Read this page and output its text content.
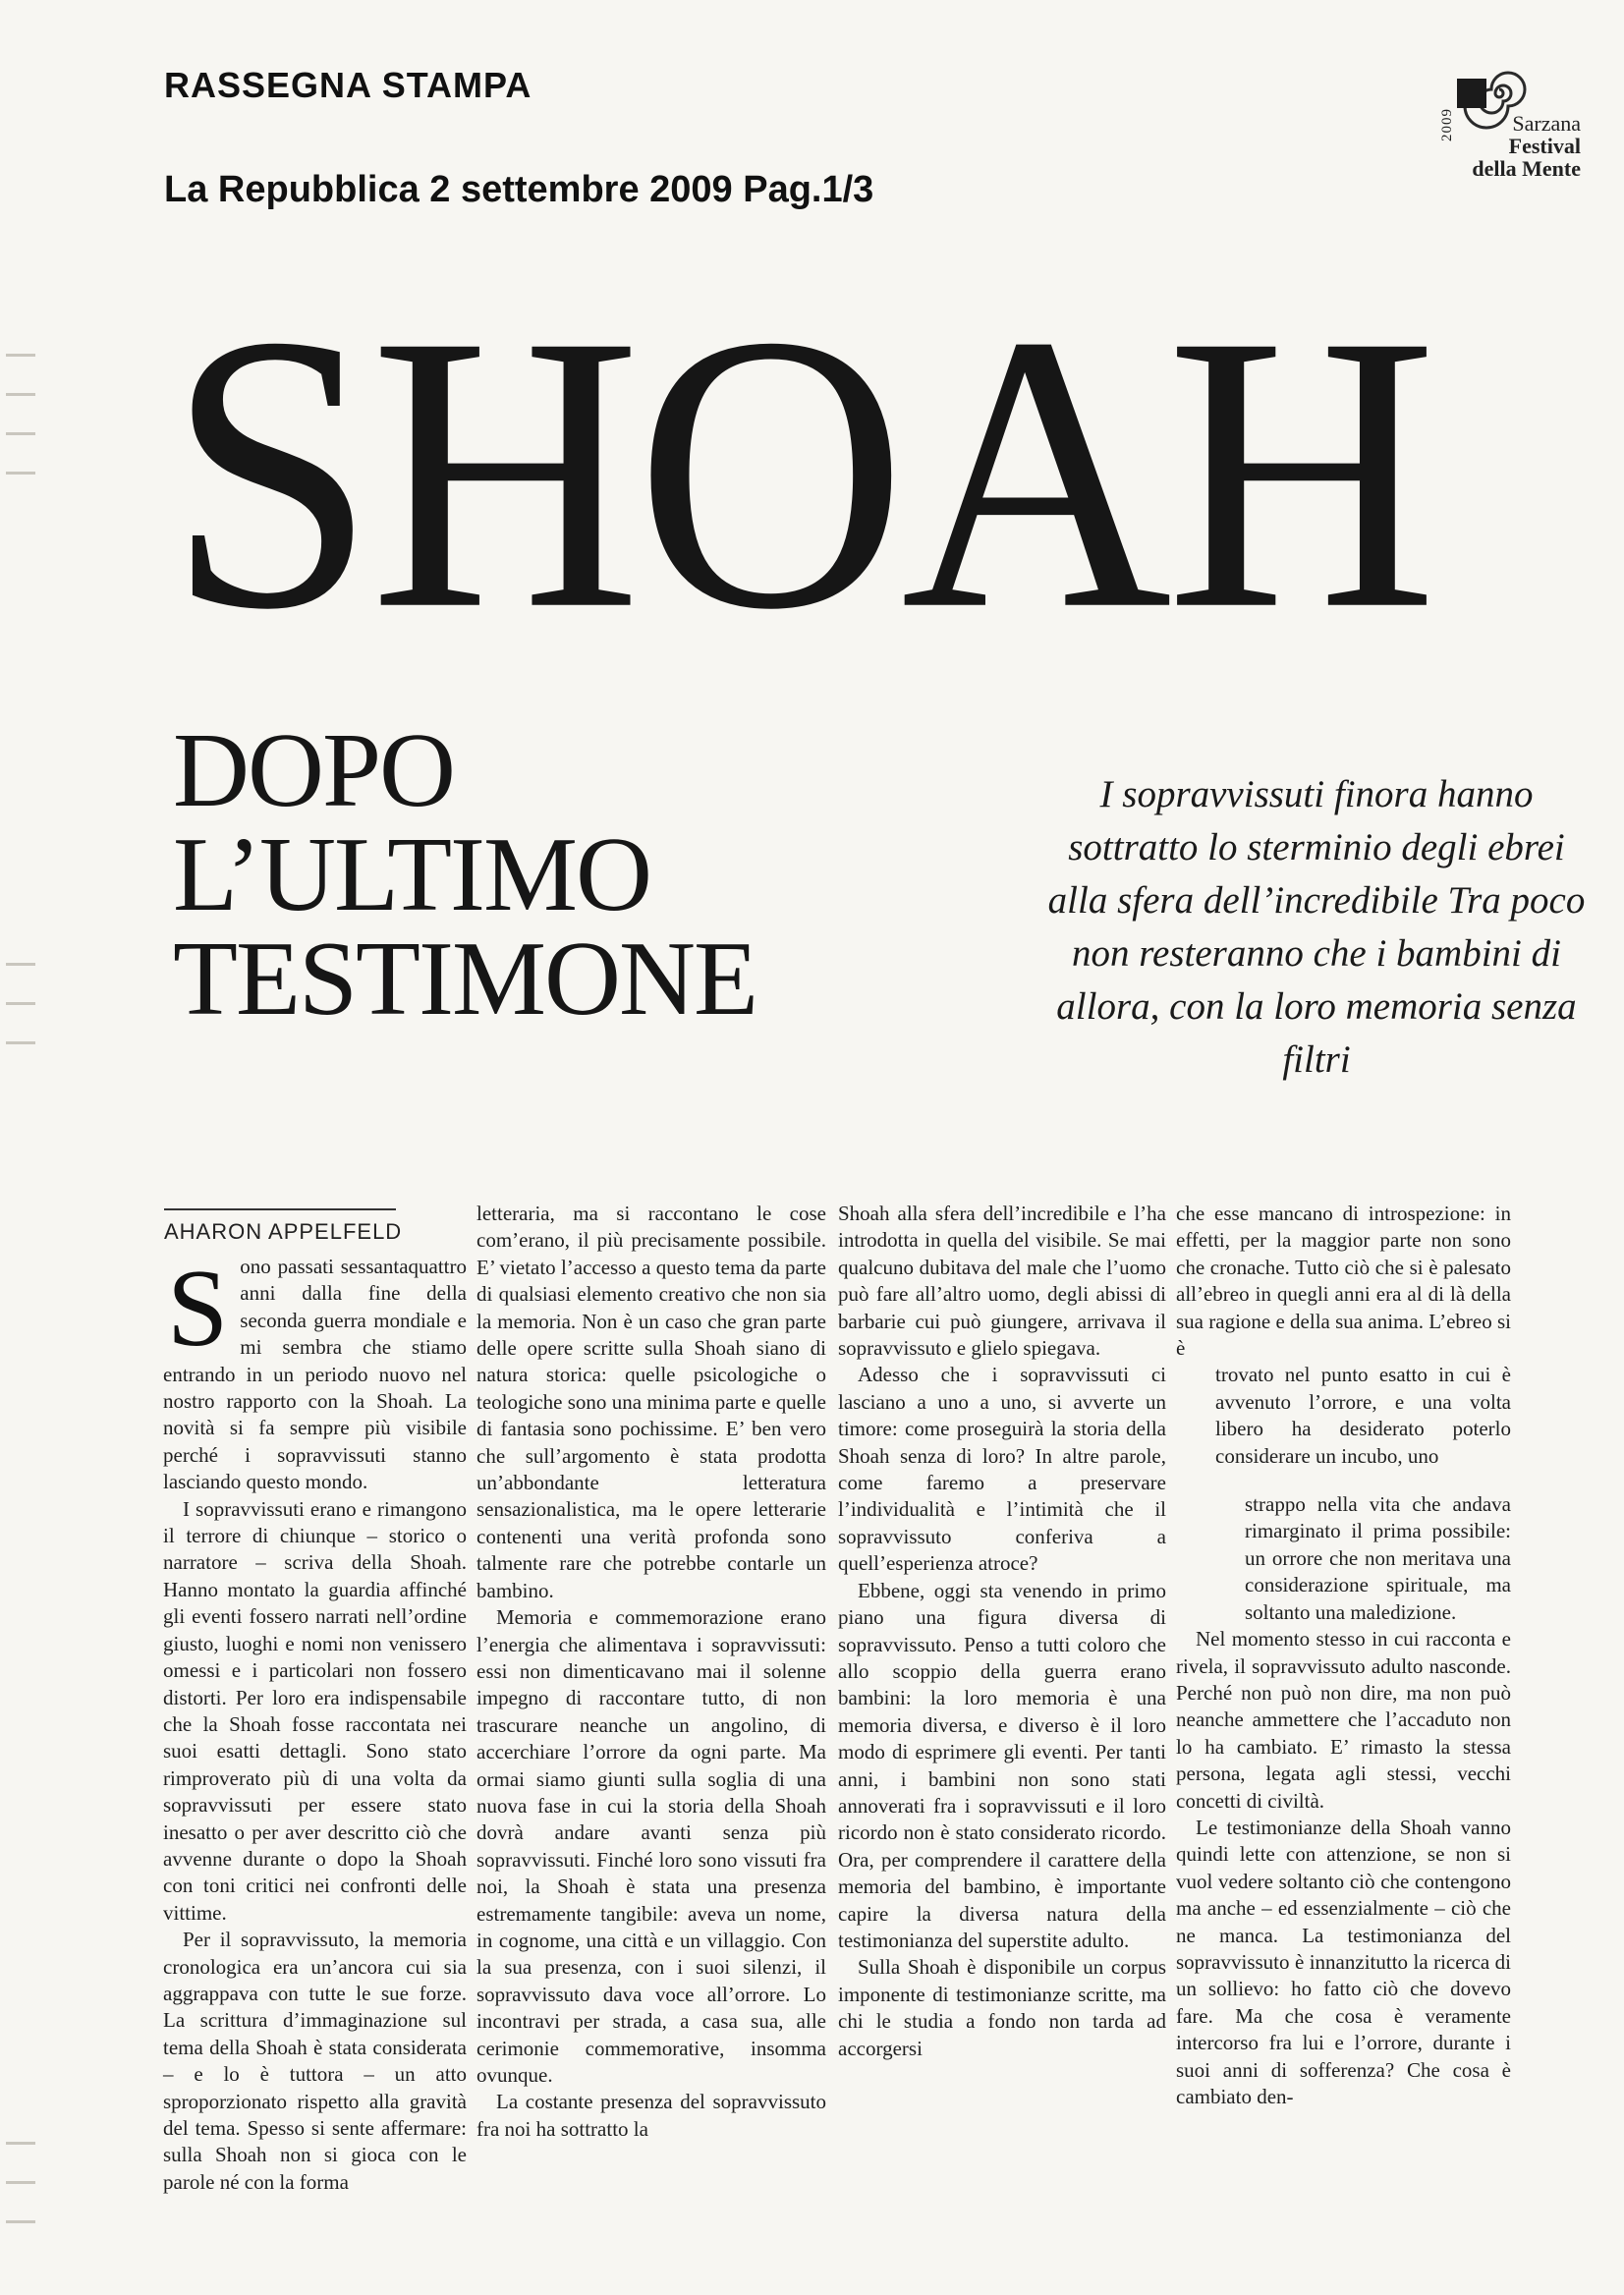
RASSEGNA STAMPA

La Repubblica 2 settembre 2009 Pag.1/3

2009	Sarzana
Festival
della Mente
SHOAH
DOPO
L’ULTIMO
TESTIMONE

I sopravvissuti finora hanno sottratto lo sterminio degli ebrei alla sfera dell’incredibile Tra poco non resteranno che i bambini di allora, con la loro memoria senza filtri

AHARON APPELFELD

S ono passati sessantaquattro anni dalla fine della seconda guerra mondiale e mi sembra che stiamo entrando in un periodo nuovo nel nostro rapporto con la Shoah. La novità si fa sempre più visibile perché i sopravvissuti stanno lasciando questo mondo.

I sopravvissuti erano e rimangono il terrore di chiunque – storico o narratore – scriva della Shoah. Hanno montato la guardia affinché gli eventi fossero narrati nell’ordine giusto, luoghi e nomi non venissero omessi e i particolari non fossero distorti. Per loro era indispensabile che la Shoah fosse raccontata nei suoi esatti dettagli. Sono stato rimproverato più di una volta da sopravvissuti per essere stato inesatto o per aver descritto ciò che avvenne durante o dopo la Shoah con toni critici nei confronti delle vittime.

Per il sopravvissuto, la memoria cronologica era un’ancora cui sia aggrappava con tutte le sue forze. La scrittura d’immaginazione sul tema della Shoah è stata considerata – e lo è tuttora – un atto sproporzionato rispetto alla gravità del tema. Spesso si sente affermare: sulla Shoah non si gioca con le parole né con la forma

letteraria, ma si raccontano le cose com’erano, il più precisamente possibile. E’ vietato l’accesso a questo tema da parte di qualsiasi elemento creativo che non sia la memoria. Non è un caso che gran parte delle opere scritte sulla Shoah siano di natura storica: quelle psicologiche o teologiche sono una minima parte e quelle di fantasia sono pochissime. E’ ben vero che sull’argomento è stata prodotta un’abbondante letteratura sensazionalistica, ma le opere letterarie contenenti una verità profonda sono talmente rare che potrebbe contarle un bambino.

Memoria e commemorazione erano l’energia che alimentava i sopravvissuti: essi non dimenticavano mai il solenne impegno di raccontare tutto, di non trascurare neanche un angolino, di accerchiare l’orrore da ogni parte. Ma ormai siamo giunti sulla soglia di una nuova fase in cui la storia della Shoah dovrà andare avanti senza più sopravvissuti. Finché loro sono vissuti fra noi, la Shoah è stata una presenza estremamente tangibile: aveva un nome, in cognome, una città e un villaggio. Con la sua presenza, con i suoi silenzi, il sopravvissuto dava voce all’orrore. Lo incontravi per strada, a casa sua, alle cerimonie commemorative, insomma ovunque.

La costante presenza del sopravvissuto fra noi ha sottratto la

Shoah alla sfera dell’incredibile e l’ha introdotta in quella del visibile. Se mai qualcuno dubitava del male che l’uomo può fare all’altro uomo, degli abissi di barbarie cui può giungere, arrivava il sopravvissuto e glielo spiegava.

Adesso che i sopravvissuti ci lasciano a uno a uno, si avverte un timore: come proseguirà la storia della Shoah senza di loro? In altre parole, come faremo a preservare l’individualità e l’intimità che il sopravvissuto conferiva a quell’esperienza atroce?

Ebbene, oggi sta venendo in primo piano una figura diversa di sopravvissuto. Penso a tutti coloro che allo scoppio della guerra erano bambini: la loro memoria è una memoria diversa, e diverso è il loro modo di esprimere gli eventi. Per tanti anni, i bambini non sono stati annoverati fra i sopravvissuti e il loro ricordo non è stato considerato ricordo. Ora, per comprendere il carattere della memoria del bambino, è importante capire la diversa natura della testimonianza del superstite adulto.

Sulla Shoah è disponibile un corpus imponente di testimonianze scritte, ma chi le studia a fondo non tarda ad accorgersi

che esse mancano di introspezione: in effetti, per la maggior parte non sono che cronache. Tutto ciò che si è palesato all’ebreo in quegli anni era al di là della sua ragione e della sua anima. L’ebreo si è

trovato nel punto esatto in cui è avvenuto l’orrore, e una volta libero ha desiderato poterlo considerare un incubo, uno

strappo nella vita che andava rimarginato il prima possibile: un orrore che non meritava una considerazione spirituale, ma soltanto una maledizione.

Nel momento stesso in cui racconta e rivela, il sopravvissuto adulto nasconde. Perché non può non dire, ma non può neanche ammettere che l’accaduto non lo ha cambiato. E’ rimasto la stessa persona, legata agli stessi, vecchi concetti di civiltà.

Le testimonianze della Shoah vanno quindi lette con attenzione, se non si vuol vedere soltanto ciò che contengono ma anche – ed essenzialmente – ciò che ne manca. La testimonianza del sopravvissuto è innanzitutto la ricerca di un sollievo: ho fatto ciò che dovevo fare. Ma che cosa è veramente intercorso fra lui e l’orrore, durante i suoi anni di sofferenza? Che cosa è cambiato den-
